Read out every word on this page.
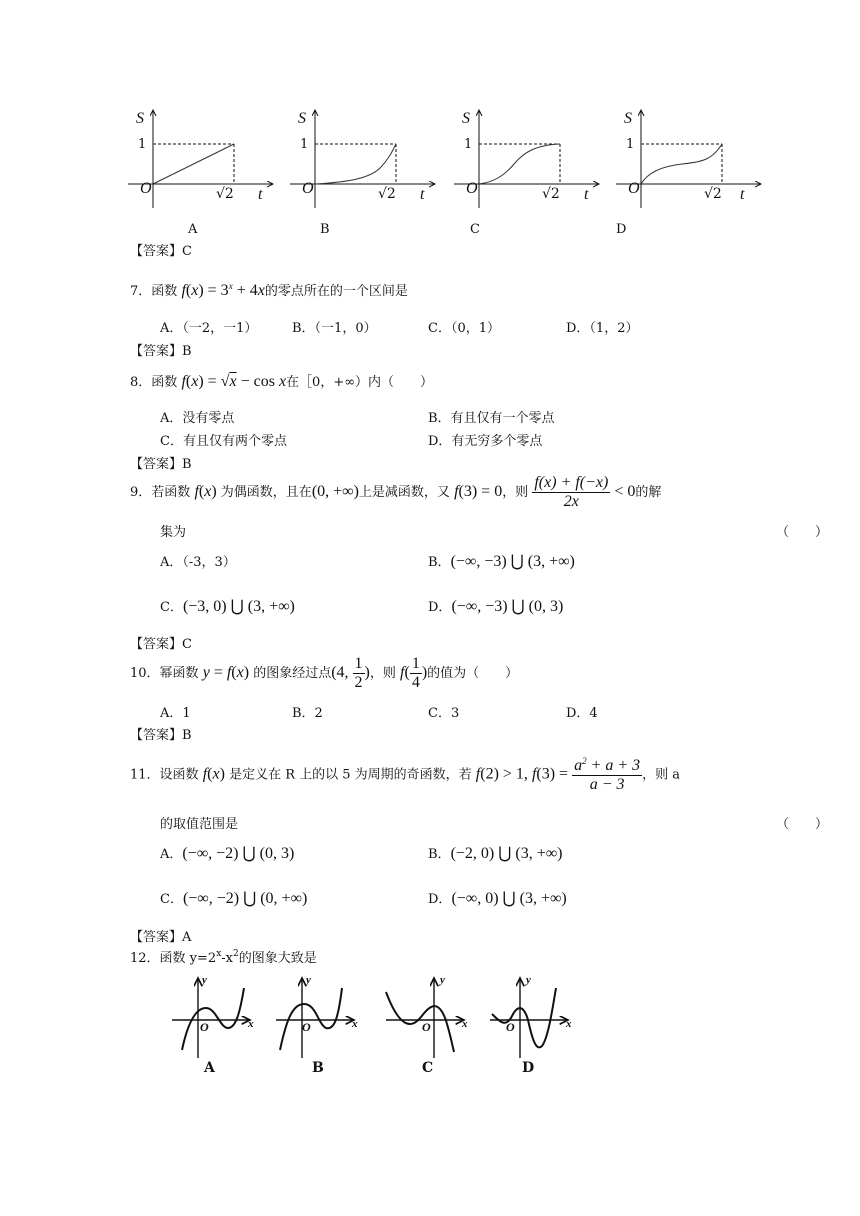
S	S	S	S
1	1	1	1
O	O	O	O
√2	√2	√2	√2
t	t	t	t
A	B	C	D
【答案】C
7．函数 $f(x) = 3^x + 4x$的零点所在的一个区间是
A．（一2，一1）	B．（一1，0）	C．（0，1）	D．（1，2）
【答案】B
8．函数 f(x) = √x − cos x在［0，+∞）内（　　）
A．没有零点	B．有且仅有一个零点
C．有且仅有两个零点	D．有无穷多个零点
【答案】B
9．若函数 f(x) 为偶函数，且在(0, +∞)上是减函数，又 f(3) = 0，则 $\frac{f(x) + f(-x)}{2x} < 0$的解
集为	（　　）
A．（-3，3）	B．(−∞, −3) ⋃ (3, +∞)
C．(−3, 0) ⋃ (3, +∞)	D．(−∞, −3) ⋃ (0, 3)
【答案】C
10．幂函数 y = f(x) 的图象经过点(4, $\frac{1}{2}$ )，则 $f( \frac{1}{4}$ )的值为（　　）
A．1	B．2	C．3	D．4
【答案】B
11．设函数 f(x) 是定义在 R 上的以 5 为周期的奇函数，若 f(2) > 1, $f(3) = \frac{a^2 + a + 3}{a - 3}$ ，则 a
的取值范围是	（　　）
A．(−∞, −2) ⋃ (0, 3)	B．(−2, 0) ⋃ (3, +∞)
C．(−∞, −2) ⋃ (0, +∞)	D．(−∞, 0) ⋃ (3, +∞)
【答案】A
12．函数 $y=2^x-x^2$的图象大致是
y	y	y	y
x	x	x	x
O	O	O	O
A	B	C	D
